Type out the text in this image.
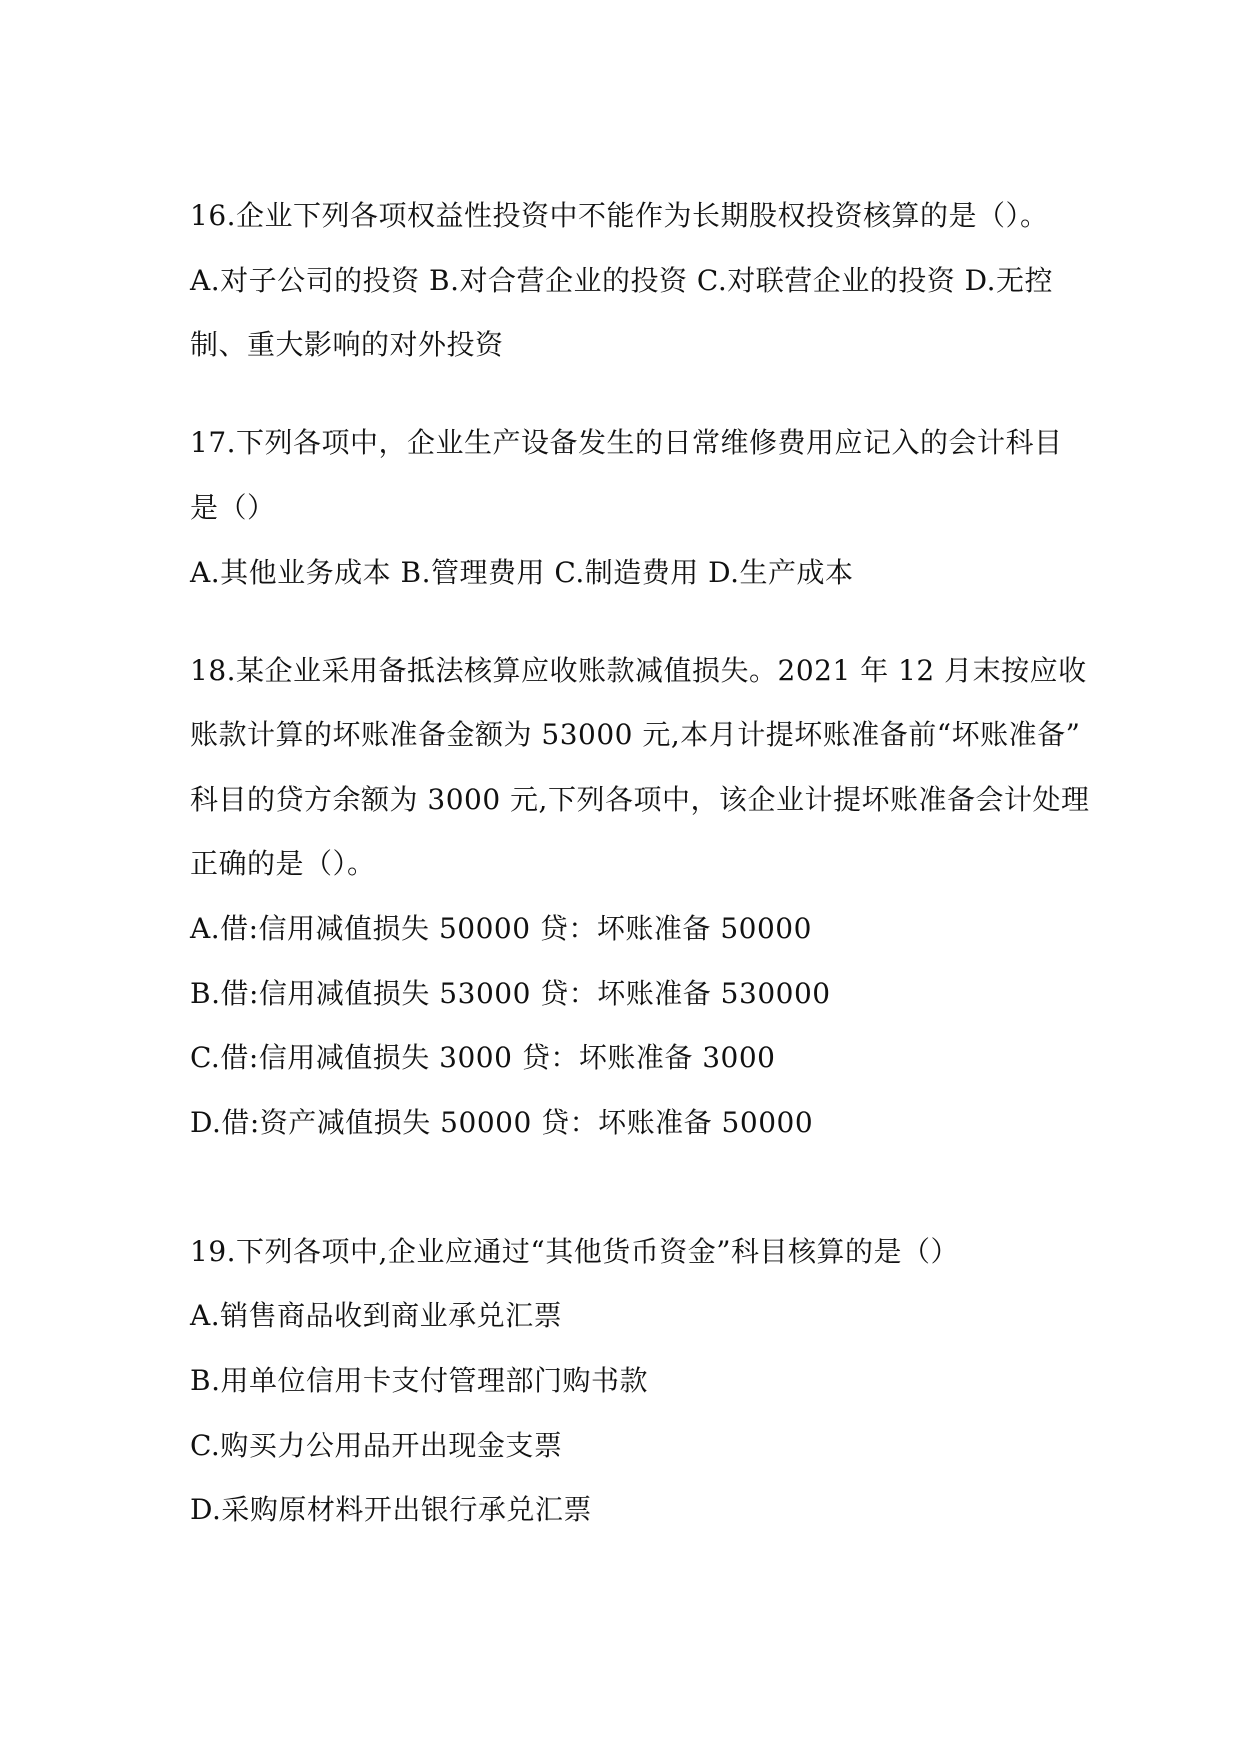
16.企业下列各项权益性投资中不能作为长期股权投资核算的是（）。
A.对子公司的投资 B.对合营企业的投资 C.对联营企业的投资 D.无控
制、重大影响的对外投资
17.下列各项中，企业生产设备发生的日常维修费用应记入的会计科目
是（）
A.其他业务成本 B.管理费用 C.制造费用 D.生产成本
18.某企业采用备抵法核算应收账款减值损失。2021 年 12 月末按应收
账款计算的坏账准备金额为 53000 元,本月计提坏账准备前“坏账准备”
科目的贷方余额为 3000 元,下列各项中，该企业计提坏账准备会计处理
正确的是（）。
A.借:信用减值损失 50000 贷：坏账准备 50000
B.借:信用减值损失 53000 贷：坏账准备 530000
C.借:信用减值损失 3000 贷：坏账准备 3000
D.借:资产减值损失 50000 贷：坏账准备 50000
19.下列各项中,企业应通过“其他货币资金”科目核算的是（）
A.销售商品收到商业承兑汇票
B.用单位信用卡支付管理部门购书款
C.购买力公用品开出现金支票
D.采购原材料开出银行承兑汇票
